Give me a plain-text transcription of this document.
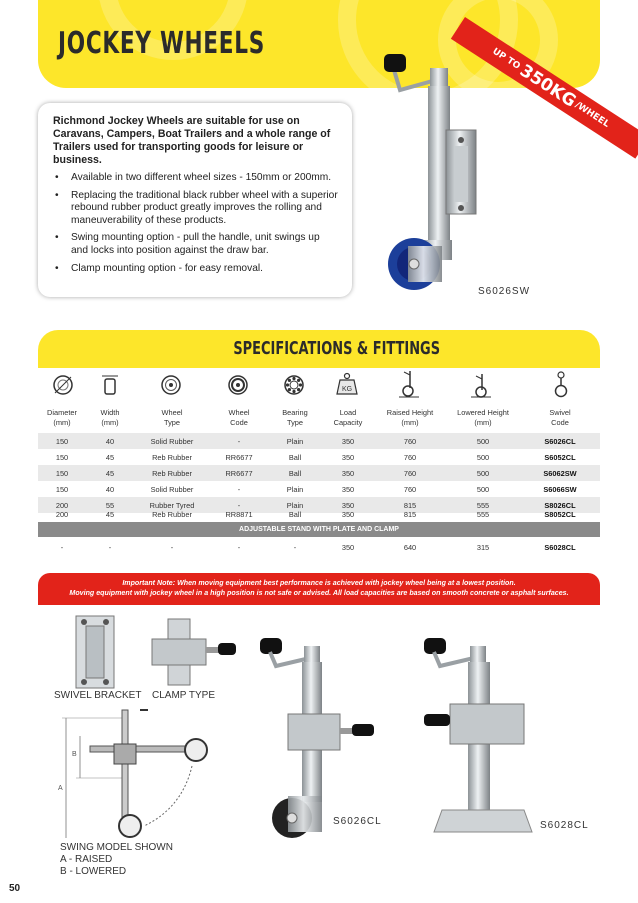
JOCKEY WHEELS	UP TO
350KG
/WHEEL

Richmond Jockey Wheels are suitable for use on Caravans, Campers, Boat Trailers and a whole range of Trailers used for transporting goods for leisure or business.

• Available in two different wheel sizes - 150mm or 200mm.
• Replacing the traditional black rubber wheel with a superior rebound rubber product greatly improves the rolling and maneuverability of these products.
• Swing mounting option - pull the handle, unit swings up and locks into position against the draw bar.
• Clamp mounting option - for easy removal.
S6026SW
SPECIFICATIONS & FITTINGS
KG
Diameter
(mm)
Width
(mm)
Wheel
Type
Wheel
Code
Bearing
Type
Load
Capacity
Raised Height
(mm)
Lowered Height
(mm)
Swivel
Code
150	40	Solid Rubber	-	Plain	350	760	500	S6026CL
150	45	Reb Rubber	RR6677	Ball	350	760	500	S6052CL
150	45	Reb Rubber	RR6677	Ball	350	760	500	S6062SW
150	40	Solid Rubber	-	Plain	350	760	500	S6066SW
200	55	Rubber Tyred	-	Plain	350	815	555	S8026CL
200	45	Reb Rubber	RR8871	Ball	350	815	555	S8052CL
ADJUSTABLE STAND WITH PLATE AND CLAMP
-	-	-	-	-	350	640	315	S6028CL
Important Note: When moving equipment best performance is achieved with jockey wheel being at a lowest position.
Moving equipment with jockey wheel in a high position is not safe or advised. All load capacities are based on smooth concrete or asphalt surfaces.
SWIVEL BRACKET CLAMP TYPE
A
B
SWING MODEL SHOWN
A - RAISED
B - LOWERED
S6026CL	S6028CL
50
